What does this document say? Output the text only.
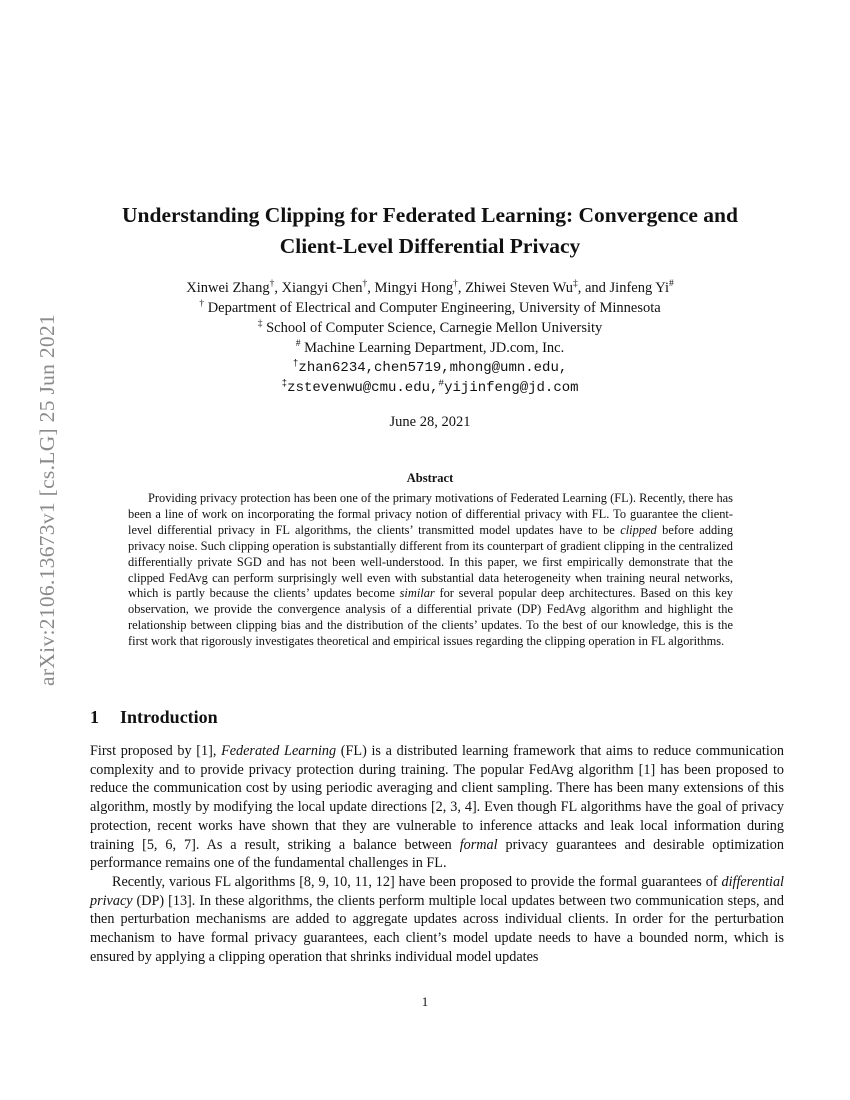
arXiv:2106.13673v1 [cs.LG] 25 Jun 2021
Understanding Clipping for Federated Learning: Convergence and Client-Level Differential Privacy
Xinwei Zhang†, Xiangyi Chen†, Mingyi Hong†, Zhiwei Steven Wu‡, and Jinfeng Yi#
† Department of Electrical and Computer Engineering, University of Minnesota
‡ School of Computer Science, Carnegie Mellon University
# Machine Learning Department, JD.com, Inc.
†zhan6234,chen5719,mhong@umn.edu,
‡zstevenwu@cmu.edu,#yijinfeng@jd.com
June 28, 2021
Abstract

Providing privacy protection has been one of the primary motivations of Federated Learning (FL). Recently, there has been a line of work on incorporating the formal privacy notion of differential privacy with FL. To guarantee the client-level differential privacy in FL algorithms, the clients’ transmitted model updates have to be clipped before adding privacy noise. Such clipping operation is substantially different from its counterpart of gradient clipping in the centralized differentially private SGD and has not been well-understood. In this paper, we first empirically demonstrate that the clipped FedAvg can perform surprisingly well even with substantial data heterogeneity when training neural networks, which is partly because the clients’ updates become similar for several popular deep architectures. Based on this key observation, we provide the convergence analysis of a differential private (DP) FedAvg algorithm and highlight the relationship between clipping bias and the distribution of the clients’ updates. To the best of our knowledge, this is the first work that rigorously investigates theoretical and empirical issues regarding the clipping operation in FL algorithms.

1 Introduction

First proposed by [1], Federated Learning (FL) is a distributed learning framework that aims to reduce communication complexity and to provide privacy protection during training. The popular FedAvg algorithm [1] has been proposed to reduce the communication cost by using periodic averaging and client sampling. There has been many extensions of this algorithm, mostly by modifying the local update directions [2, 3, 4]. Even though FL algorithms have the goal of privacy protection, recent works have shown that they are vulnerable to inference attacks and leak local information during training [5, 6, 7]. As a result, striking a balance between formal privacy guarantees and desirable optimization performance remains one of the fundamental challenges in FL.

Recently, various FL algorithms [8, 9, 10, 11, 12] have been proposed to provide the formal guarantees of differential privacy (DP) [13]. In these algorithms, the clients perform multiple local updates between two communication steps, and then perturbation mechanisms are added to aggregate updates across individual clients. In order for the perturbation mechanism to have formal privacy guarantees, each client’s model update needs to have a bounded norm, which is ensured by applying a clipping operation that shrinks individual model updates

1
